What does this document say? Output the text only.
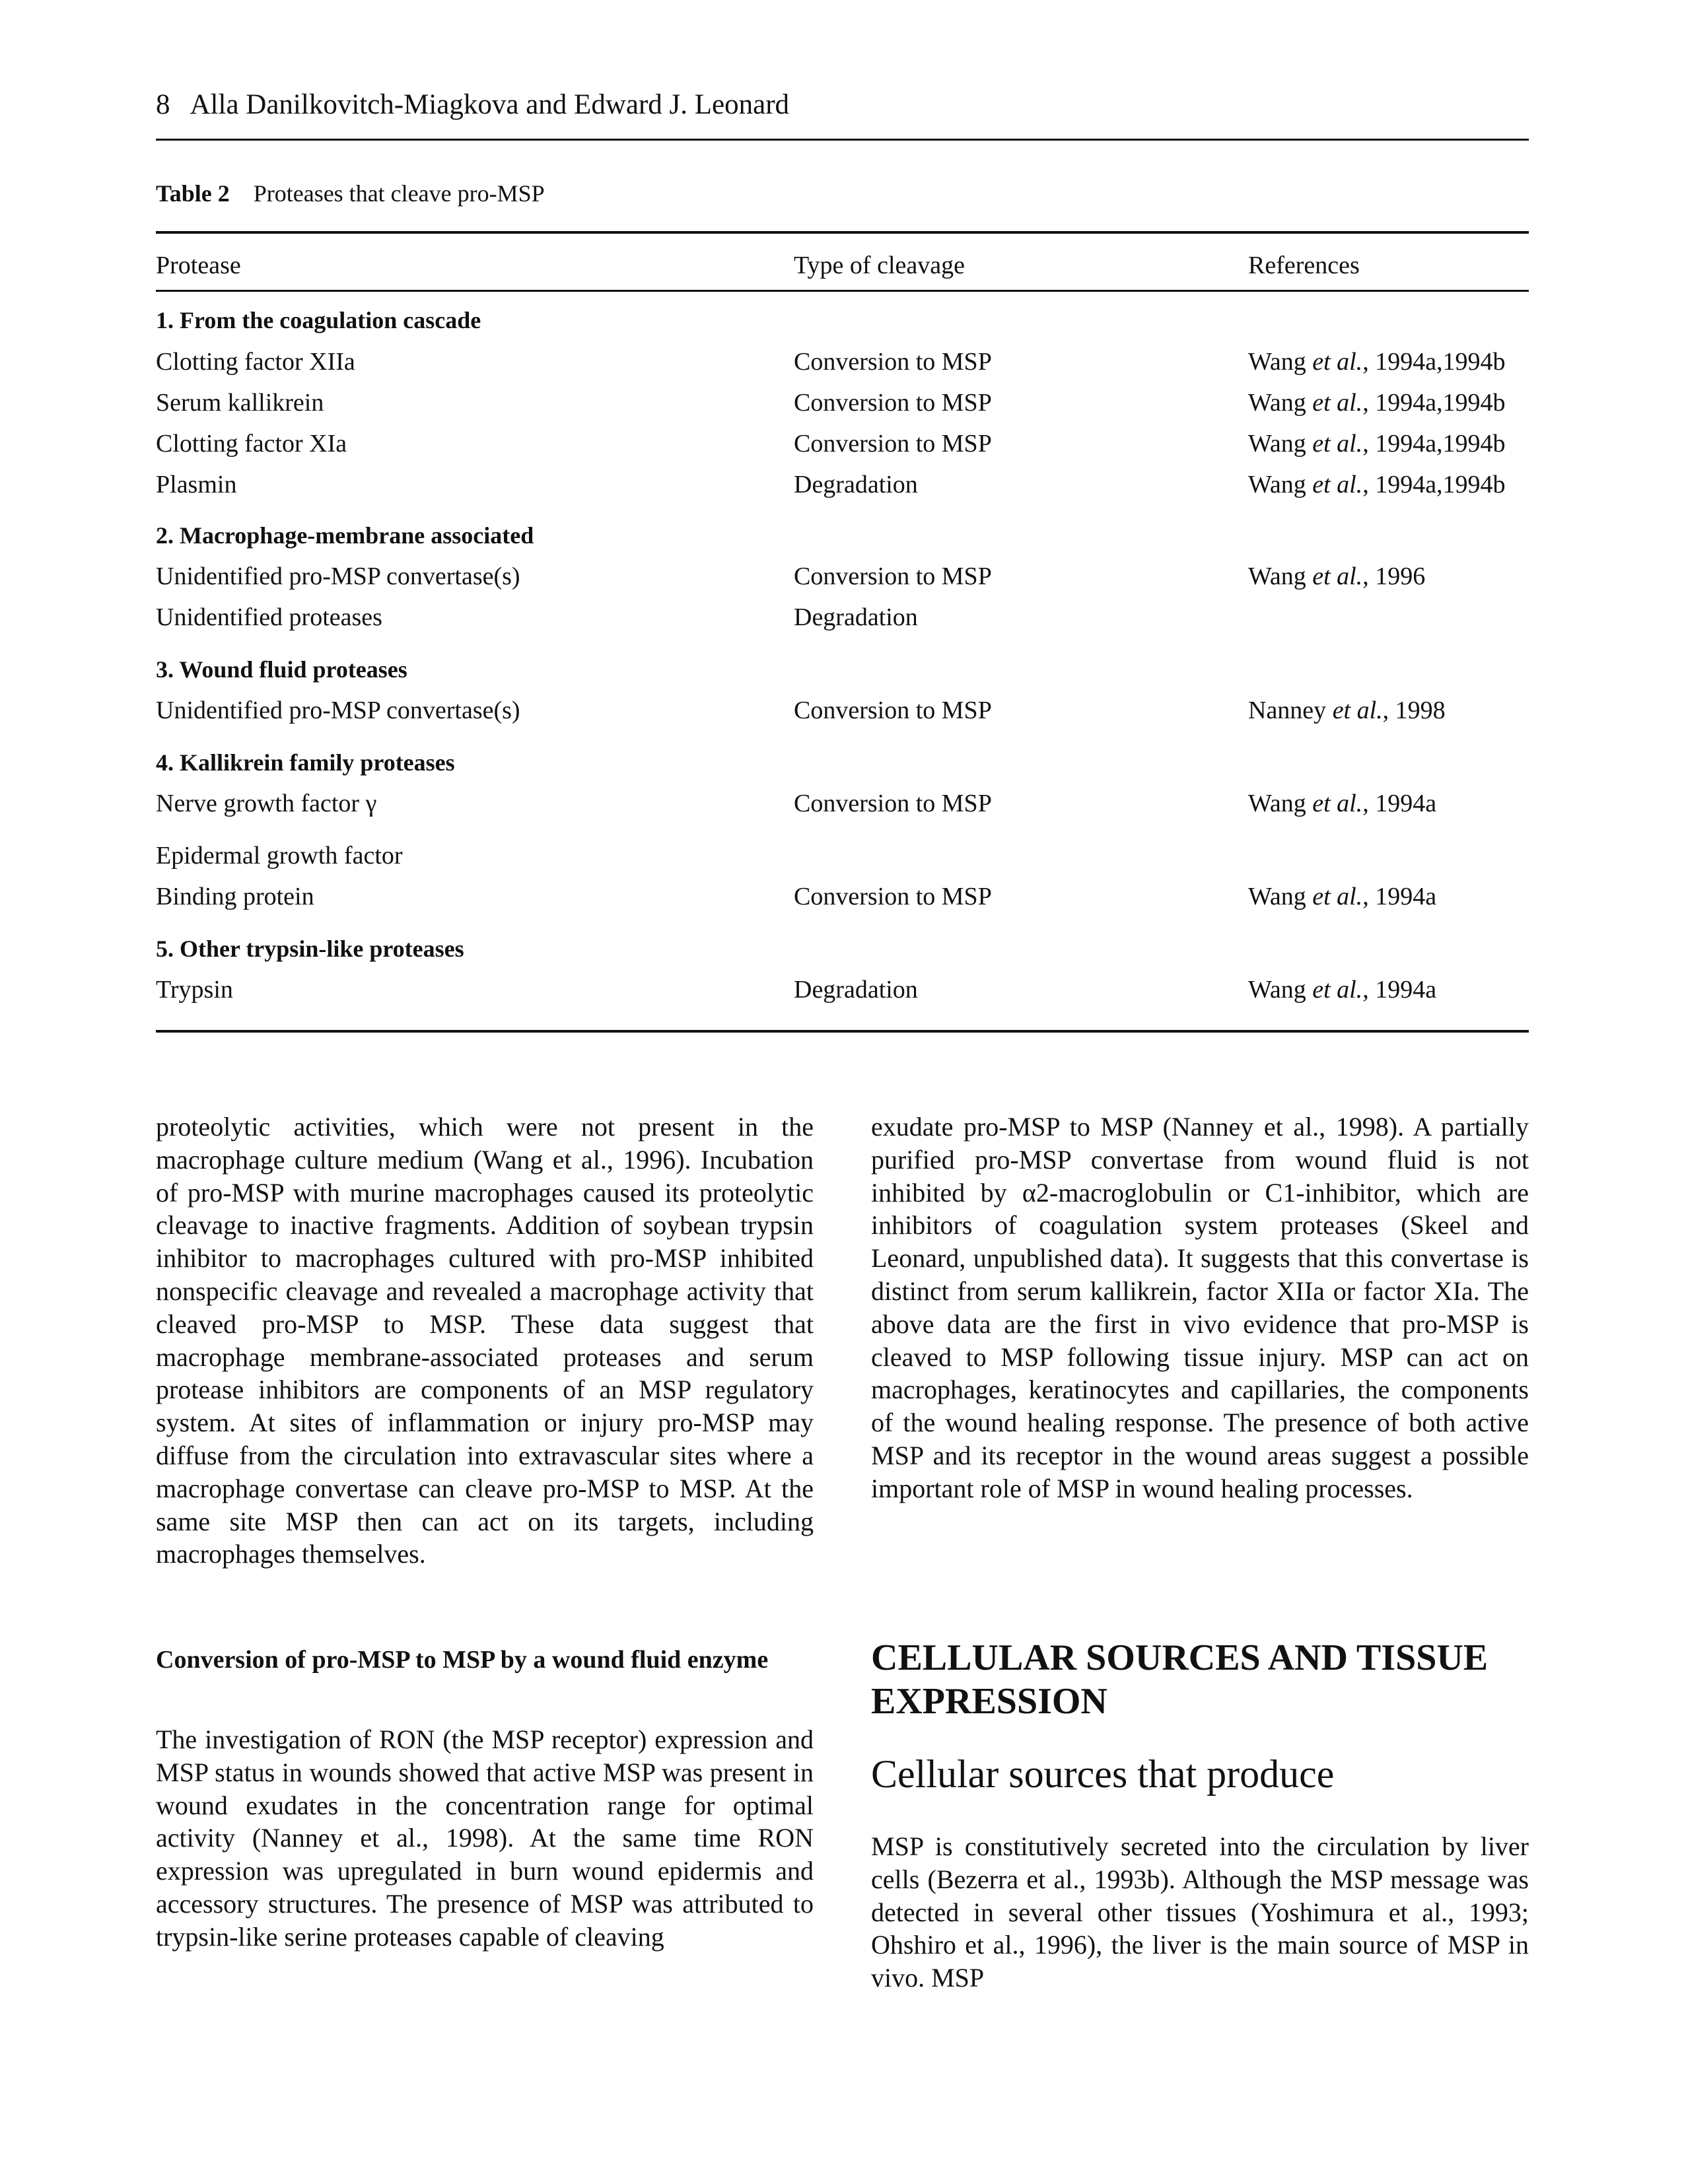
8 Alla Danilkovitch-Miagkova and Edward J. Leonard
Table 2 Proteases that cleave pro-MSP
Protease	Type of cleavage	References
1. From the coagulation cascade
Clotting factor XIIa	Conversion to MSP	Wang et al., 1994a,1994b
Serum kallikrein	Conversion to MSP	Wang et al., 1994a,1994b
Clotting factor XIa	Conversion to MSP	Wang et al., 1994a,1994b
Plasmin	Degradation	Wang et al., 1994a,1994b
2. Macrophage-membrane associated
Unidentified pro-MSP convertase(s)	Conversion to MSP	Wang et al., 1996
Unidentified proteases	Degradation
3. Wound fluid proteases
Unidentified pro-MSP convertase(s)	Conversion to MSP	Nanney et al., 1998
4. Kallikrein family proteases
Nerve growth factor γ	Conversion to MSP	Wang et al., 1994a
Epidermal growth factor
Binding protein	Conversion to MSP	Wang et al., 1994a
5. Other trypsin-like proteases
Trypsin	Degradation	Wang et al., 1994a
proteolytic activities, which were not present in the macrophage culture medium (Wang et al., 1996). Incubation of pro-MSP with murine macrophages caused its proteolytic cleavage to inactive fragments. Addition of soybean trypsin inhibitor to macrophages cultured with pro-MSP inhibited nonspecific cleavage and revealed a macrophage activity that cleaved pro-MSP to MSP. These data suggest that macrophage membrane-associated proteases and serum protease inhibitors are components of an MSP regulatory system. At sites of inflammation or injury pro-MSP may diffuse from the circulation into extravascular sites where a macrophage convertase can cleave pro-MSP to MSP. At the same site MSP then can act on its targets, including macrophages themselves.
Conversion of pro-MSP to MSP by a wound fluid enzyme
The investigation of RON (the MSP receptor) expression and MSP status in wounds showed that active MSP was present in wound exudates in the concentration range for optimal activity (Nanney et al., 1998). At the same time RON expression was upregulated in burn wound epidermis and accessory structures. The presence of MSP was attributed to trypsin-like serine proteases capable of cleaving
exudate pro-MSP to MSP (Nanney et al., 1998). A partially purified pro-MSP convertase from wound fluid is not inhibited by α2-macroglobulin or C1-inhibitor, which are inhibitors of coagulation system proteases (Skeel and Leonard, unpublished data). It suggests that this convertase is distinct from serum kallikrein, factor XIIa or factor XIa. The above data are the first in vivo evidence that pro-MSP is cleaved to MSP following tissue injury. MSP can act on macrophages, keratinocytes and capillaries, the components of the wound healing response. The presence of both active MSP and its receptor in the wound areas suggest a possible important role of MSP in wound healing processes.
CELLULAR SOURCES AND TISSUE EXPRESSION
Cellular sources that produce
MSP is constitutively secreted into the circulation by liver cells (Bezerra et al., 1993b). Although the MSP message was detected in several other tissues (Yoshimura et al., 1993; Ohshiro et al., 1996), the liver is the main source of MSP in vivo. MSP
